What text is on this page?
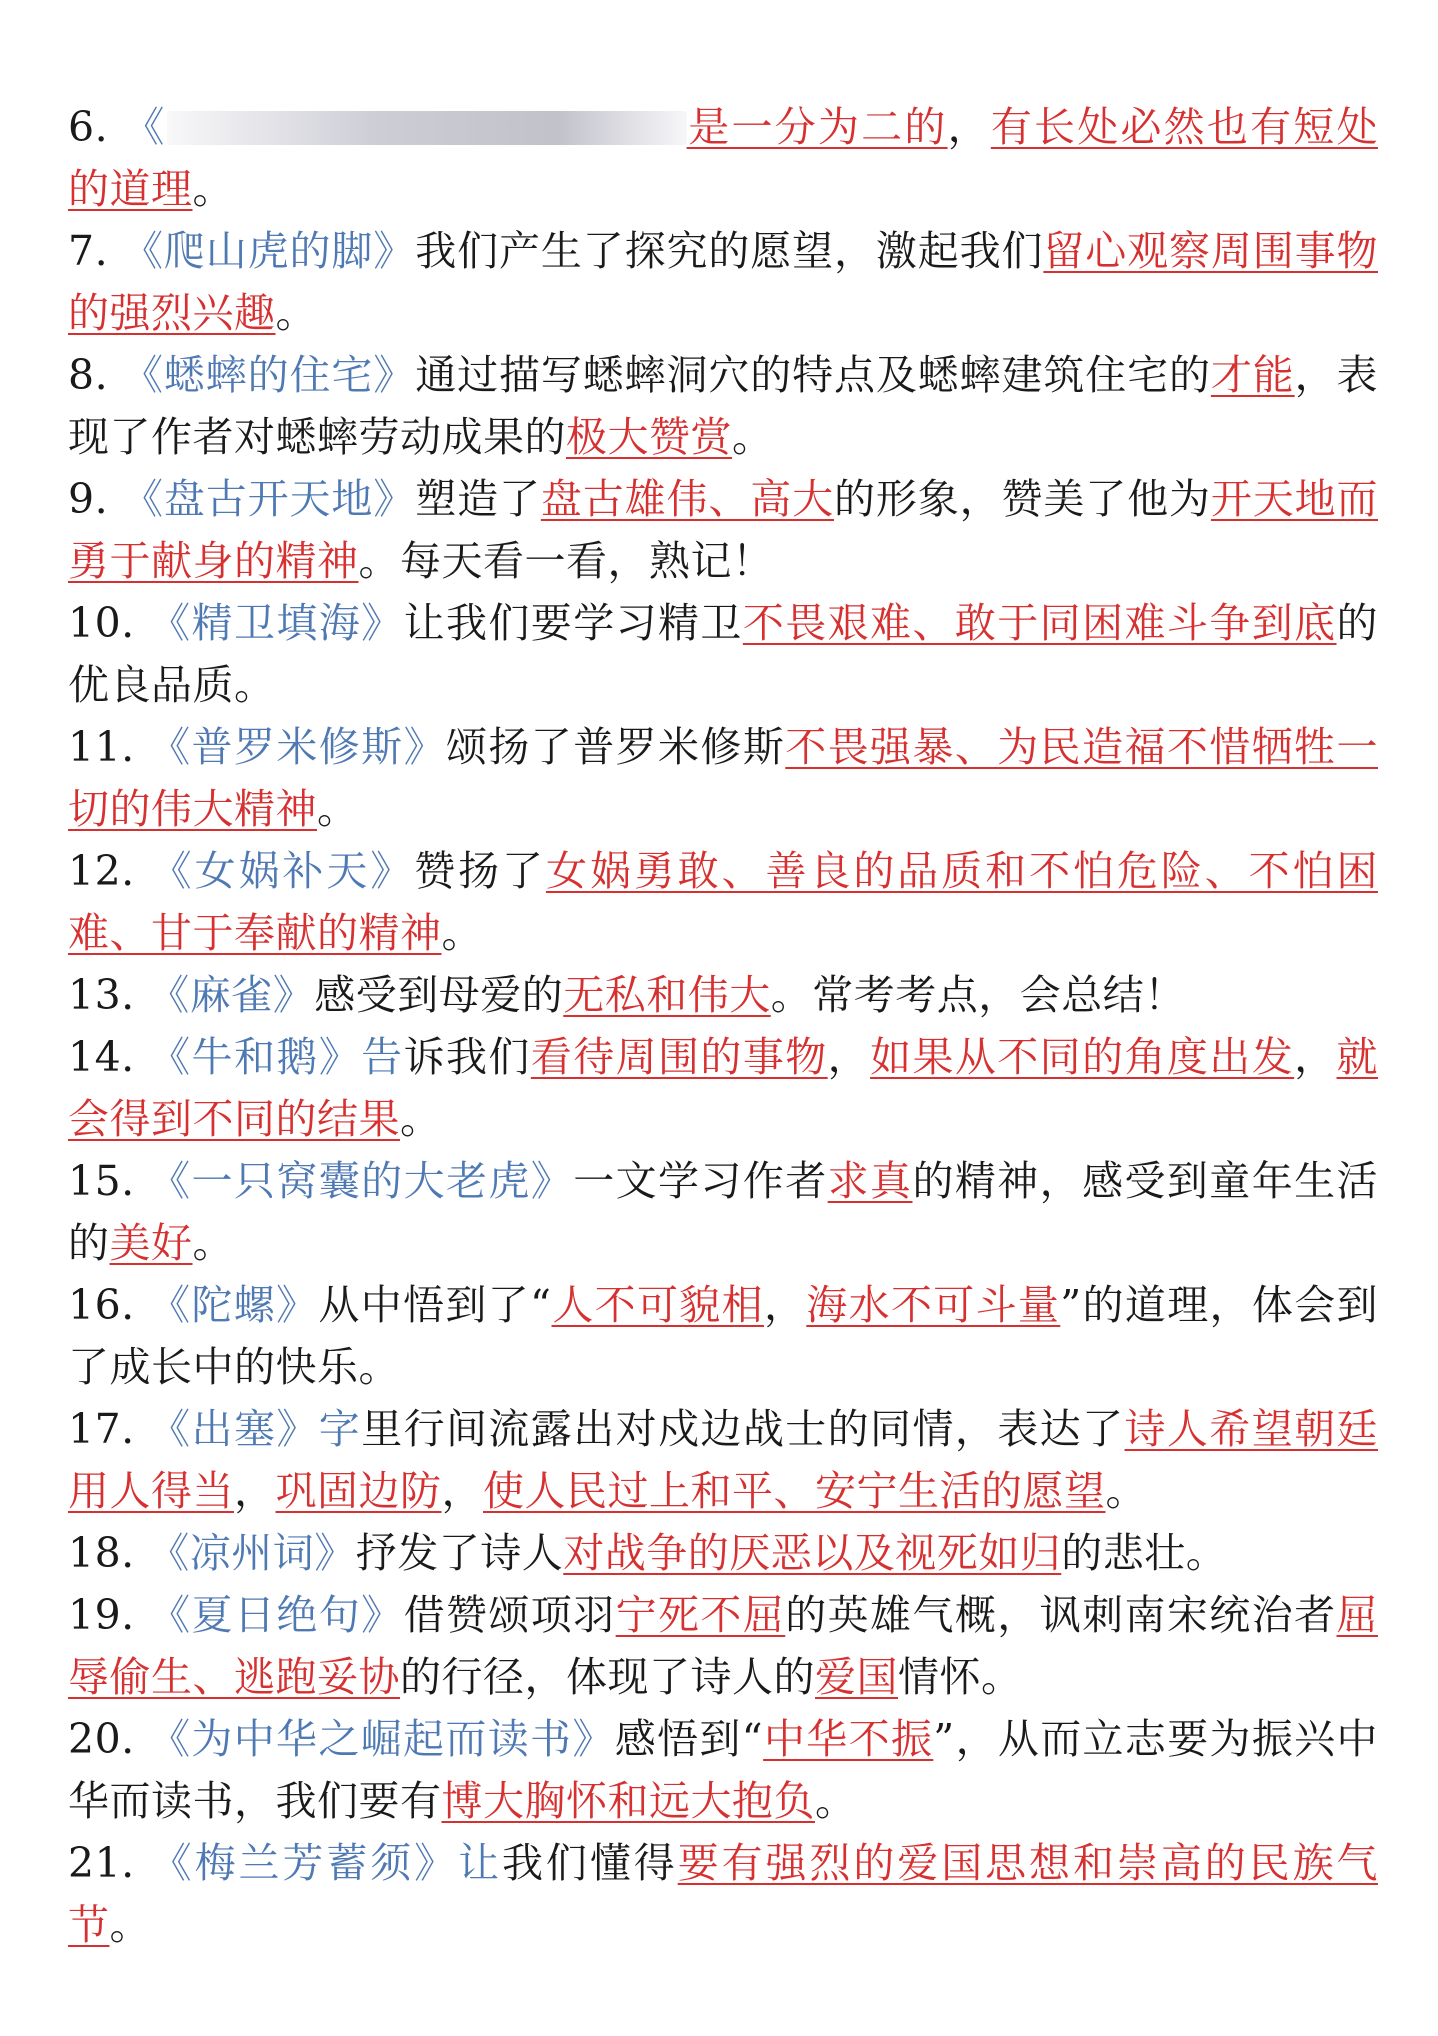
6. 《	是一分为二的，有长处必然也有短处的道理。
7. 《爬山虎的脚》我们产生了探究的愿望，激起我们留心观察周围事物的强烈兴趣。
8. 《蟋蟀的住宅》通过描写蟋蟀洞穴的特点及蟋蟀建筑住宅的才能，表现了作者对蟋蟀劳动成果的极大赞赏。
9. 《盘古开天地》塑造了盘古雄伟、高大的形象，赞美了他为开天地而勇于献身的精神。每天看一看，熟记！
10. 《精卫填海》让我们要学习精卫不畏艰难、敢于同困难斗争到底的优良品质。
11. 《普罗米修斯》颂扬了普罗米修斯不畏强暴、为民造福不惜牺牲一切的伟大精神。
12. 《女娲补天》赞扬了女娲勇敢、善良的品质和不怕危险、不怕困难、甘于奉献的精神。
13. 《麻雀》感受到母爱的无私和伟大。常考考点，会总结！
14. 《牛和鹅》告诉我们看待周围的事物，如果从不同的角度出发，就会得到不同的结果。
15. 《一只窝囊的大老虎》一文学习作者求真的精神，感受到童年生活的美好。
16. 《陀螺》从中悟到了“人不可貌相，海水不可斗量”的道理，体会到了成长中的快乐。
17. 《出塞》字里行间流露出对戍边战士的同情，表达了诗人希望朝廷用人得当，巩固边防，使人民过上和平、安宁生活的愿望。
18. 《凉州词》抒发了诗人对战争的厌恶以及视死如归的悲壮。
19. 《夏日绝句》借赞颂项羽宁死不屈的英雄气概，讽刺南宋统治者屈辱偷生、逃跑妥协的行径，体现了诗人的爱国情怀。
20. 《为中华之崛起而读书》感悟到“中华不振”，从而立志要为振兴中华而读书，我们要有博大胸怀和远大抱负。
21. 《梅兰芳蓄须》让我们懂得要有强烈的爱国思想和崇高的民族气节。
